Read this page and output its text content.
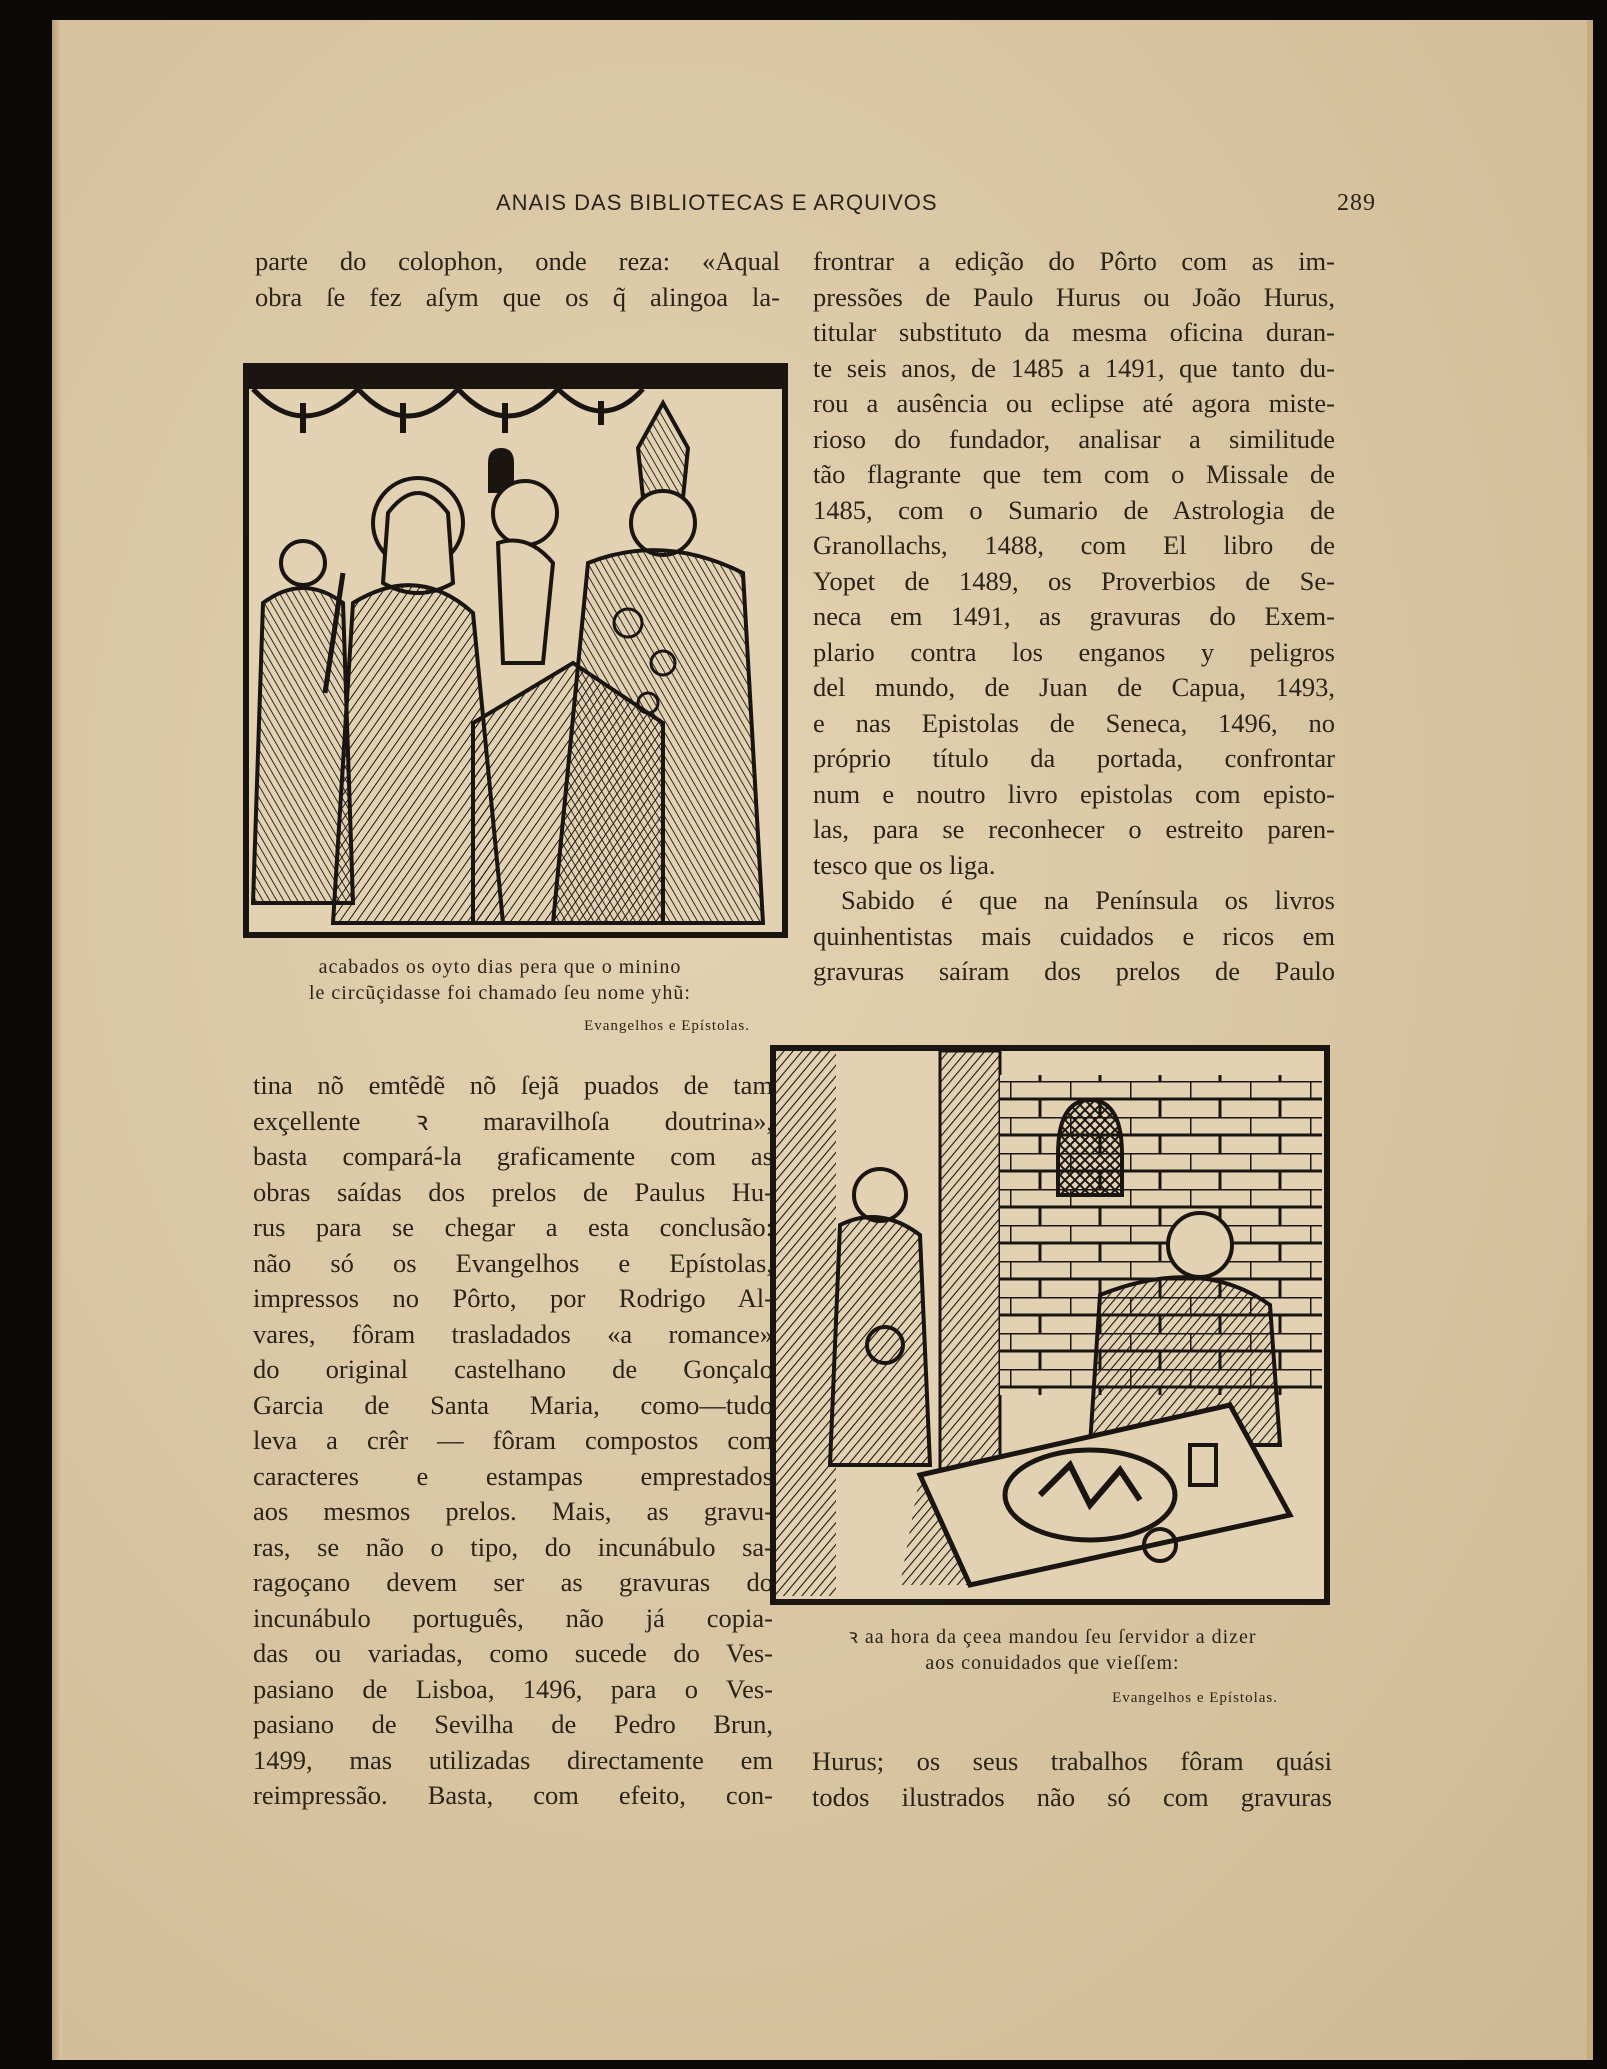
ANAIS DAS BIBLIOTECAS E ARQUIVOS	289
parte do colophon, onde reza: «Aqual
obra ſe fez aſym que os q̃ alingoa la-
acabados os oyto dias pera que o minino
le circũçidasse foi chamado ſeu nome yhũ:
Evangelhos e Epístolas.
tina nõ emtẽdẽ nõ ſejã puados de tam
exçellente ꝛ maravilhoſa doutrina»,
basta compará-la graficamente com as
obras saídas dos prelos de Paulus Hu-
rus para se chegar a esta conclusão:
não só os Evangelhos e Epístolas,
impressos no Pôrto, por Rodrigo Al-
vares, fôram trasladados «a romance»
do original castelhano de Gonçalo
Garcia de Santa Maria, como—tudo
leva a crêr — fôram compostos com
caracteres e estampas emprestados
aos mesmos prelos. Mais, as gravu-
ras, se não o tipo, do incunábulo sa-
ragoçano devem ser as gravuras do
incunábulo português, não já copia-
das ou variadas, como sucede do Ves-
pasiano de Lisboa, 1496, para o Ves-
pasiano de Sevilha de Pedro Brun,
1499, mas utilizadas directamente em
reimpressão. Basta, com efeito, con-
frontrar a edição do Pôrto com as im-
pressões de Paulo Hurus ou João Hurus,
titular substituto da mesma oficina duran-
te seis anos, de 1485 a 1491, que tanto du-
rou a ausência ou eclipse até agora miste-
rioso do fundador, analisar a similitude
tão flagrante que tem com o Missale de
1485, com o Sumario de Astrologia de
Granollachs, 1488, com El libro de
Yopet de 1489, os Proverbios de Se-
neca em 1491, as gravuras do Exem-
plario contra los enganos y peligros
del mundo, de Juan de Capua, 1493,
e nas Epistolas de Seneca, 1496, no
próprio título da portada, confrontar
num e noutro livro epistolas com episto-
las, para se reconhecer o estreito paren-
tesco que os liga.
Sabido é que na Península os livros
quinhentistas mais cuidados e ricos em
gravuras saíram dos prelos de Paulo
ꝛ aa hora da çeea mandou ſeu ſervidor a dizer
aos conuidados que vieſſem:
Evangelhos e Epístolas.
Hurus; os seus trabalhos fôram quási
todos ilustrados não só com gravuras
